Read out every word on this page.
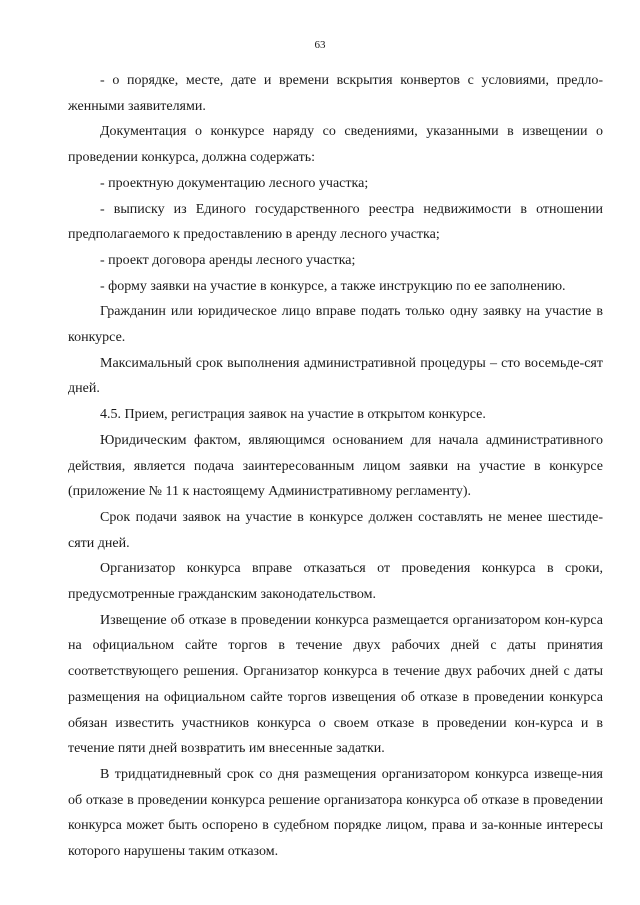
63

- о порядке, месте, дате и времени вскрытия конвертов с условиями, предло-женными заявителями.

Документация о конкурсе наряду со сведениями, указанными в извещении о проведении конкурса, должна содержать:

- проектную документацию лесного участка;

- выписку из Единого государственного реестра недвижимости в отношении предполагаемого к предоставлению в аренду лесного участка;

- проект договора аренды лесного участка;

- форму заявки на участие в конкурсе, а также инструкцию по ее заполнению.

Гражданин или юридическое лицо вправе подать только одну заявку на участие в конкурсе.

Максимальный срок выполнения административной процедуры – сто восемьде-сят дней.

4.5. Прием, регистрация заявок на участие в открытом конкурсе.

Юридическим фактом, являющимся основанием для начала административного действия, является подача заинтересованным лицом заявки на участие в конкурсе (приложение № 11 к настоящему Административному регламенту).

Срок подачи заявок на участие в конкурсе должен составлять не менее шестиде-сяти дней.

Организатор конкурса вправе отказаться от проведения конкурса в сроки, предусмотренные гражданским законодательством.

Извещение об отказе в проведении конкурса размещается организатором кон-курса на официальном сайте торгов в течение двух рабочих дней с даты принятия соответствующего решения. Организатор конкурса в течение двух рабочих дней с даты размещения на официальном сайте торгов извещения об отказе в проведении конкурса обязан известить участников конкурса о своем отказе в проведении кон-курса и в течение пяти дней возвратить им внесенные задатки.

В тридцатидневный срок со дня размещения организатором конкурса извеще-ния об отказе в проведении конкурса решение организатора конкурса об отказе в проведении конкурса может быть оспорено в судебном порядке лицом, права и за-конные интересы которого нарушены таким отказом.
